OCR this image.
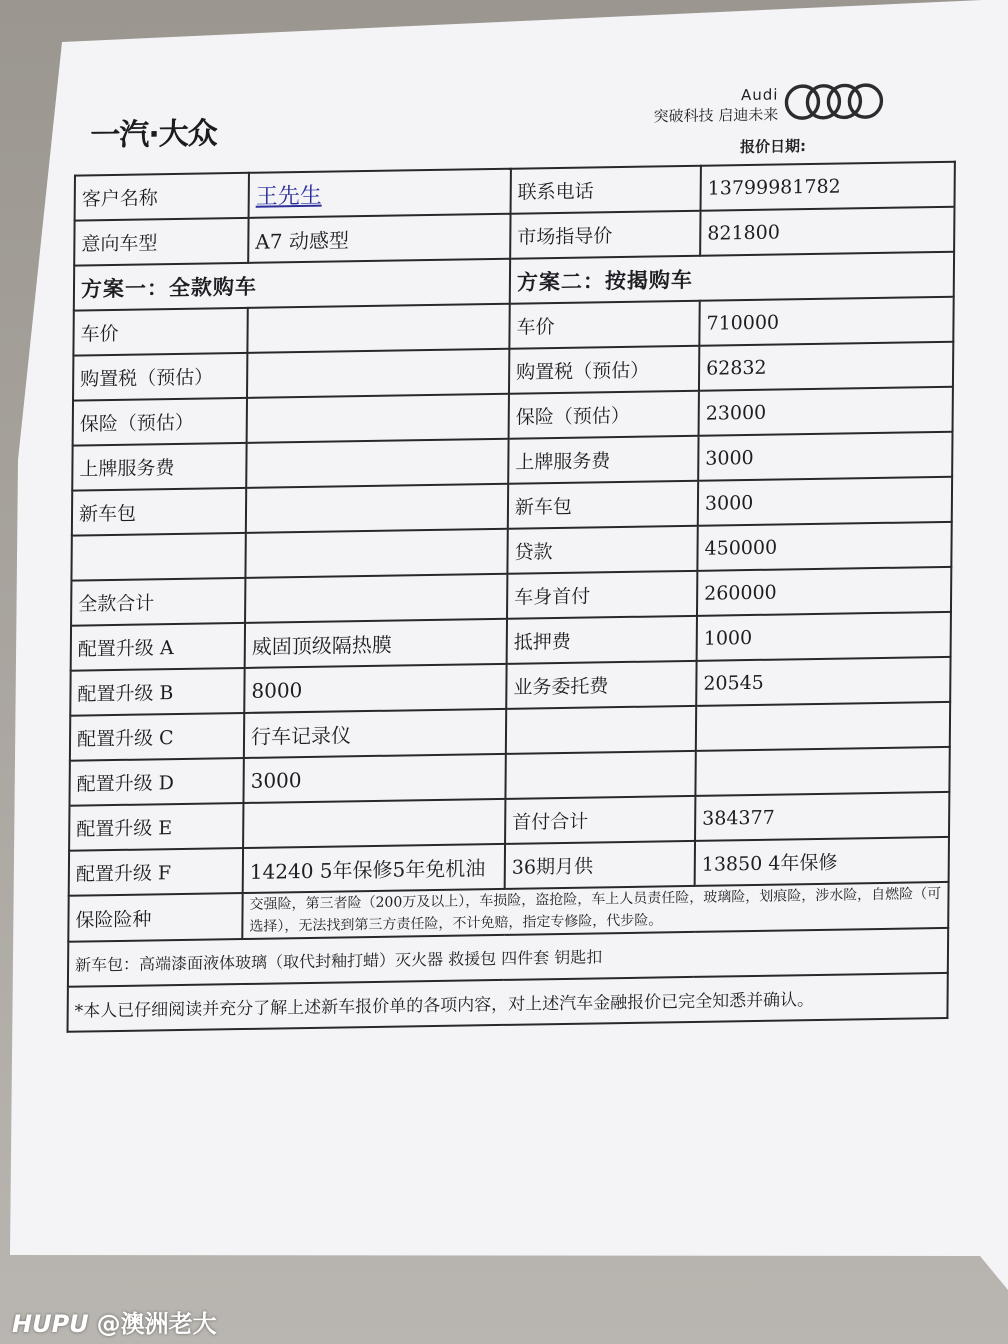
一汽·大众
Audi
突破科技 启迪未来
报价日期:
客户名称	王先生	联系电话	13799981782
意向车型	A7 动感型	市场指导价	821800
方案一：全款购车		方案二：按揭购车	
车价		车价	710000
购置税（预估）		购置税（预估）	62832
保险（预估）		保险（预估）	23000
上牌服务费		上牌服务费	3000
新车包		新车包	3000
		贷款	450000
全款合计		车身首付	260000
配置升级 A	威固顶级隔热膜	抵押费	1000
配置升级 B	8000	业务委托费	20545
配置升级 C	行车记录仪		
配置升级 D	3000		
配置升级 E		首付合计	384377
配置升级 F	14240 5年保修5年免机油	36期月供	13850 4年保修
保险险种	交强险，第三者险（200万及以上），车损险，盗抢险，车上人员责任险，玻璃险，划痕险，涉水险，自燃险（可选择），无法找到第三方责任险，不计免赔，指定专修险，代步险。		

新车包：高端漆面液体玻璃（取代封釉打蜡）灭火器 救援包 四件套 钥匙扣			
*本人已仔细阅读并充分了解上述新车报价单的各项内容，对上述汽车金融报价已完全知悉并确认。			
HUPU @澳洲老大
